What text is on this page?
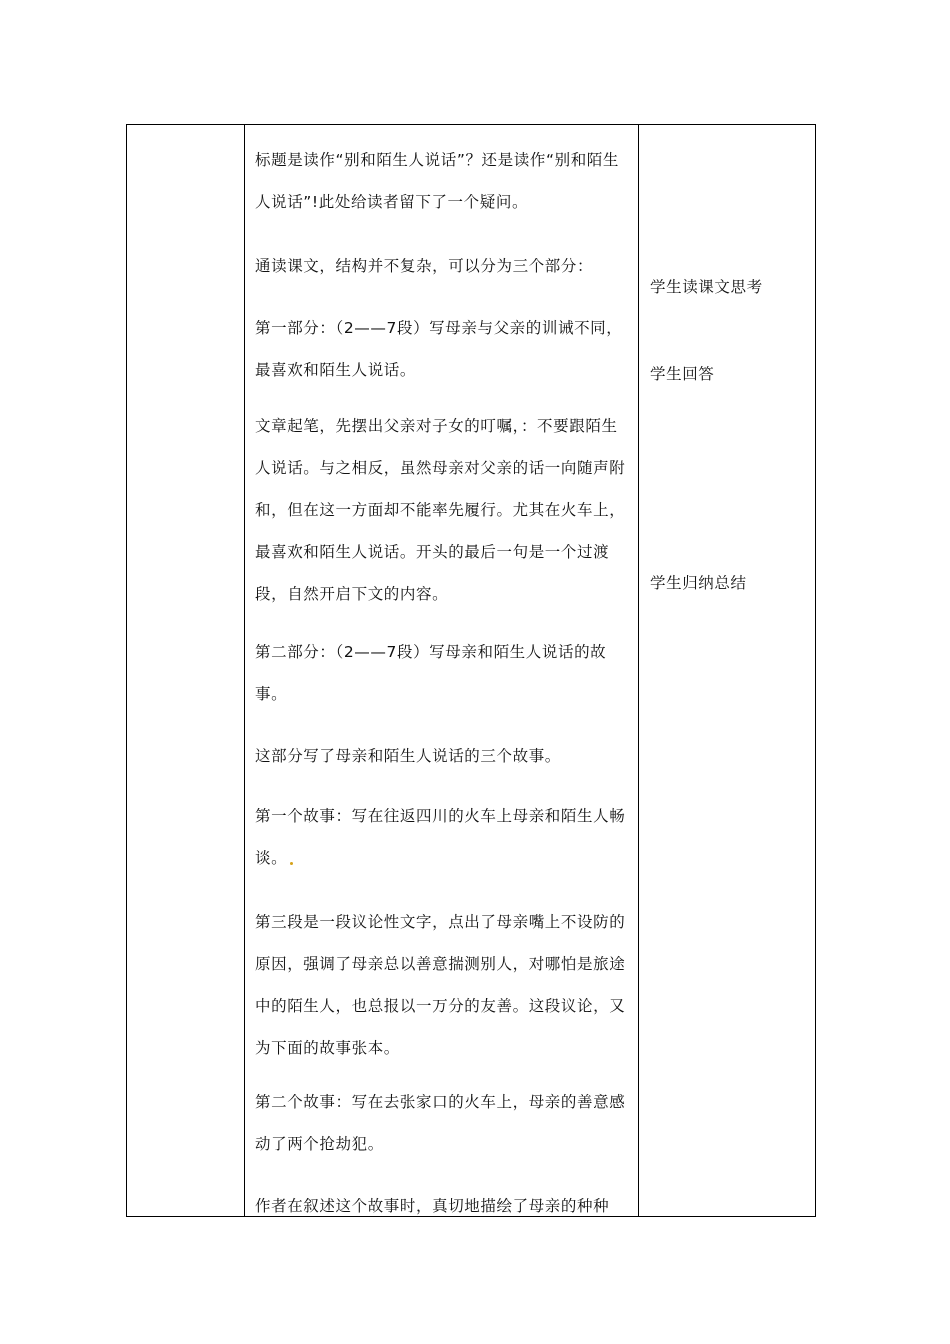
标题是读作“别和陌生人说话”？还是读作“别和陌生人说话”!此处给读者留下了一个疑问。

通读课文，结构并不复杂，可以分为三个部分：

第一部分：（2——7段）写母亲与父亲的训诫不同，最喜欢和陌生人说话。

文章起笔，先摆出父亲对子女的叮嘱，：不要跟陌生人说话。与之相反，虽然母亲对父亲的话一向随声附和，但在这一方面却不能率先履行。尤其在火车上，最喜欢和陌生人说话。开头的最后一句是一个过渡段，自然开启下文的内容。

第二部分：（2——7段）写母亲和陌生人说话的故事。

这部分写了母亲和陌生人说话的三个故事。

第一个故事：写在往返四川的火车上母亲和陌生人畅谈。

第三段是一段议论性文字，点出了母亲嘴上不设防的原因，强调了母亲总以善意揣测别人，对哪怕是旅途中的陌生人，也总报以一万分的友善。这段议论，又为下面的故事张本。

第二个故事：写在去张家口的火车上，母亲的善意感动了两个抢劫犯。

作者在叙述这个故事时，真切地描绘了母亲的种种

学生读课文思考
学生回答
学生归纳总结
